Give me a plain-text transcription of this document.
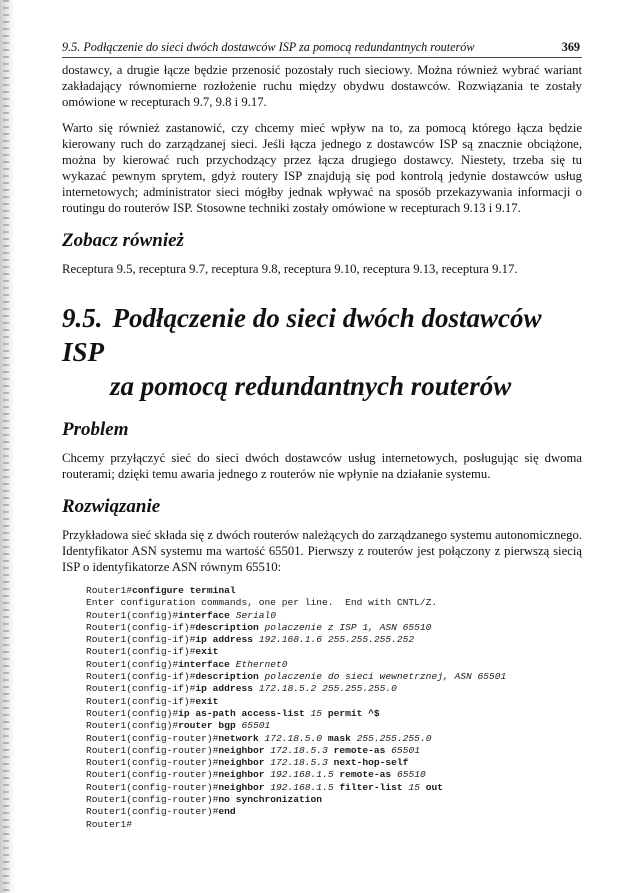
9.5. Podłączenie do sieci dwóch dostawców ISP za pomocą redundantnych routerów	369

dostawcy, a drugie łącze będzie przenosić pozostały ruch sieciowy. Można również wybrać wariant zakładający równomierne rozłożenie ruchu między obydwu dostawców. Rozwiązania te zostały omówione w recepturach 9.7, 9.8 i 9.17.

Warto się również zastanowić, czy chcemy mieć wpływ na to, za pomocą którego łącza będzie kierowany ruch do zarządzanej sieci. Jeśli łącza jednego z dostawców ISP są znacznie obciążone, można by kierować ruch przychodzący przez łącza drugiego dostawcy. Niestety, trzeba się tu wykazać pewnym sprytem, gdyż routery ISP znajdują się pod kontrolą jedynie dostawców usług internetowych; administrator sieci mógłby jednak wpływać na sposób przekazywania informacji o routingu do routerów ISP. Stosowne techniki zostały omówione w recepturach 9.13 i 9.17.

Zobacz również

Receptura 9.5, receptura 9.7, receptura 9.8, receptura 9.10, receptura 9.13, receptura 9.17.

9.5. Podłączenie do sieci dwóch dostawców ISP
za pomocą redundantnych routerów
Problem

Chcemy przyłączyć sieć do sieci dwóch dostawców usług internetowych, posługując się dwoma routerami; dzięki temu awaria jednego z routerów nie wpłynie na działanie systemu.

Rozwiązanie

Przykładowa sieć składa się z dwóch routerów należących do zarządzanego systemu autonomicznego. Identyfikator ASN systemu ma wartość 65501. Pierwszy z routerów jest połączony z pierwszą siecią ISP o identyfikatorze ASN równym 65510:

Router1#configure terminal
Enter configuration commands, one per line.  End with CNTL/Z.
Router1(config)#interface Serial0
Router1(config-if)#description polaczenie z ISP 1, ASN 65510
Router1(config-if)#ip address 192.168.1.6 255.255.255.252
Router1(config-if)#exit
Router1(config)#interface Ethernet0
Router1(config-if)#description polaczenie do sieci wewnetrznej, ASN 65501
Router1(config-if)#ip address 172.18.5.2 255.255.255.0
Router1(config-if)#exit
Router1(config)#ip as-path access-list 15 permit ^$
Router1(config)#router bgp 65501
Router1(config-router)#network 172.18.5.0 mask 255.255.255.0
Router1(config-router)#neighbor 172.18.5.3 remote-as 65501
Router1(config-router)#neighbor 172.18.5.3 next-hop-self
Router1(config-router)#neighbor 192.168.1.5 remote-as 65510
Router1(config-router)#neighbor 192.168.1.5 filter-list 15 out
Router1(config-router)#no synchronization
Router1(config-router)#end
Router1#
